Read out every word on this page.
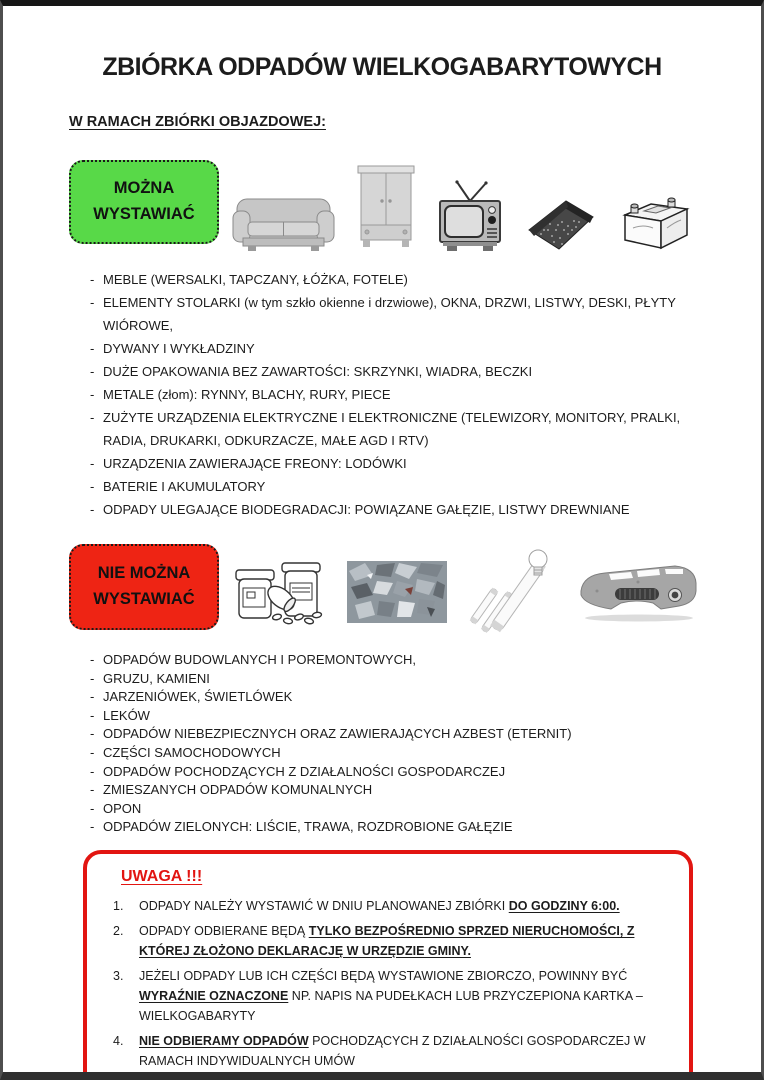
ZBIÓRKA ODPADÓW WIELKOGABARYTOWYCH
W RAMACH ZBIÓRKI OBJAZDOWEJ:
MOŻNA WYSTAWIAĆ
- MEBLE (WERSALKI, TAPCZANY, ŁÓŻKA, FOTELE)
- ELEMENTY STOLARKI (w tym szkło okienne i drzwiowe), OKNA, DRZWI, LISTWY, DESKI, PŁYTY WIÓROWE,
- DYWANY I WYKŁADZINY
- DUŻE OPAKOWANIA BEZ ZAWARTOŚCI: SKRZYNKI, WIADRA, BECZKI
- METALE (złom): RYNNY, BLACHY, RURY, PIECE
- ZUŻYTE URZĄDZENIA ELEKTRYCZNE I ELEKTRONICZNE (TELEWIZORY, MONITORY, PRALKI, RADIA, DRUKARKI, ODKURZACZE, MAŁE AGD I RTV)
- URZĄDZENIA ZAWIERAJĄCE FREONY: LODÓWKI
- BATERIE I AKUMULATORY
- ODPADY ULEGAJĄCE BIODEGRADACJI: POWIĄZANE GAŁĘZIE, LISTWY DREWNIANE
NIE MOŻNA WYSTAWIAĆ
- ODPADÓW BUDOWLANYCH I POREMONTOWYCH,
- GRUZU, KAMIENI
- JARZENIÓWEK, ŚWIETLÓWEK
- LEKÓW
- ODPADÓW NIEBEZPIECZNYCH ORAZ ZAWIERAJĄCYCH AZBEST (ETERNIT)
- CZĘŚCI SAMOCHODOWYCH
- ODPADÓW POCHODZĄCYCH Z DZIAŁALNOŚCI GOSPODARCZEJ
- ZMIESZANYCH ODPADÓW KOMUNALNYCH
- OPON
- ODPADÓW ZIELONYCH: LIŚCIE, TRAWA, ROZDROBIONE GAŁĘZIE
UWAGA !!!
1.	ODPADY NALEŻY WYSTAWIĆ W DNIU PLANOWANEJ ZBIÓRKI DO GODZINY 6:00.
2.	ODPADY ODBIERANE BĘDĄ TYLKO BEZPOŚREDNIO SPRZED NIERUCHOMOŚCI, Z KTÓREJ ZŁOŻONO DEKLARACJĘ W URZĘDZIE GMINY.
3.	JEŻELI ODPADY LUB ICH CZĘŚCI BĘDĄ WYSTAWIONE ZBIORCZO, POWINNY BYĆ WYRAŹNIE OZNACZONE NP. NAPIS NA PUDEŁKACH LUB PRZYCZEPIONA KARTKA – WIELKOGABARYTY
4.	NIE ODBIERAMY ODPADÓW POCHODZĄCYCH Z DZIAŁALNOŚCI GOSPODARCZEJ W RAMACH INDYWIDUALNYCH UMÓW
